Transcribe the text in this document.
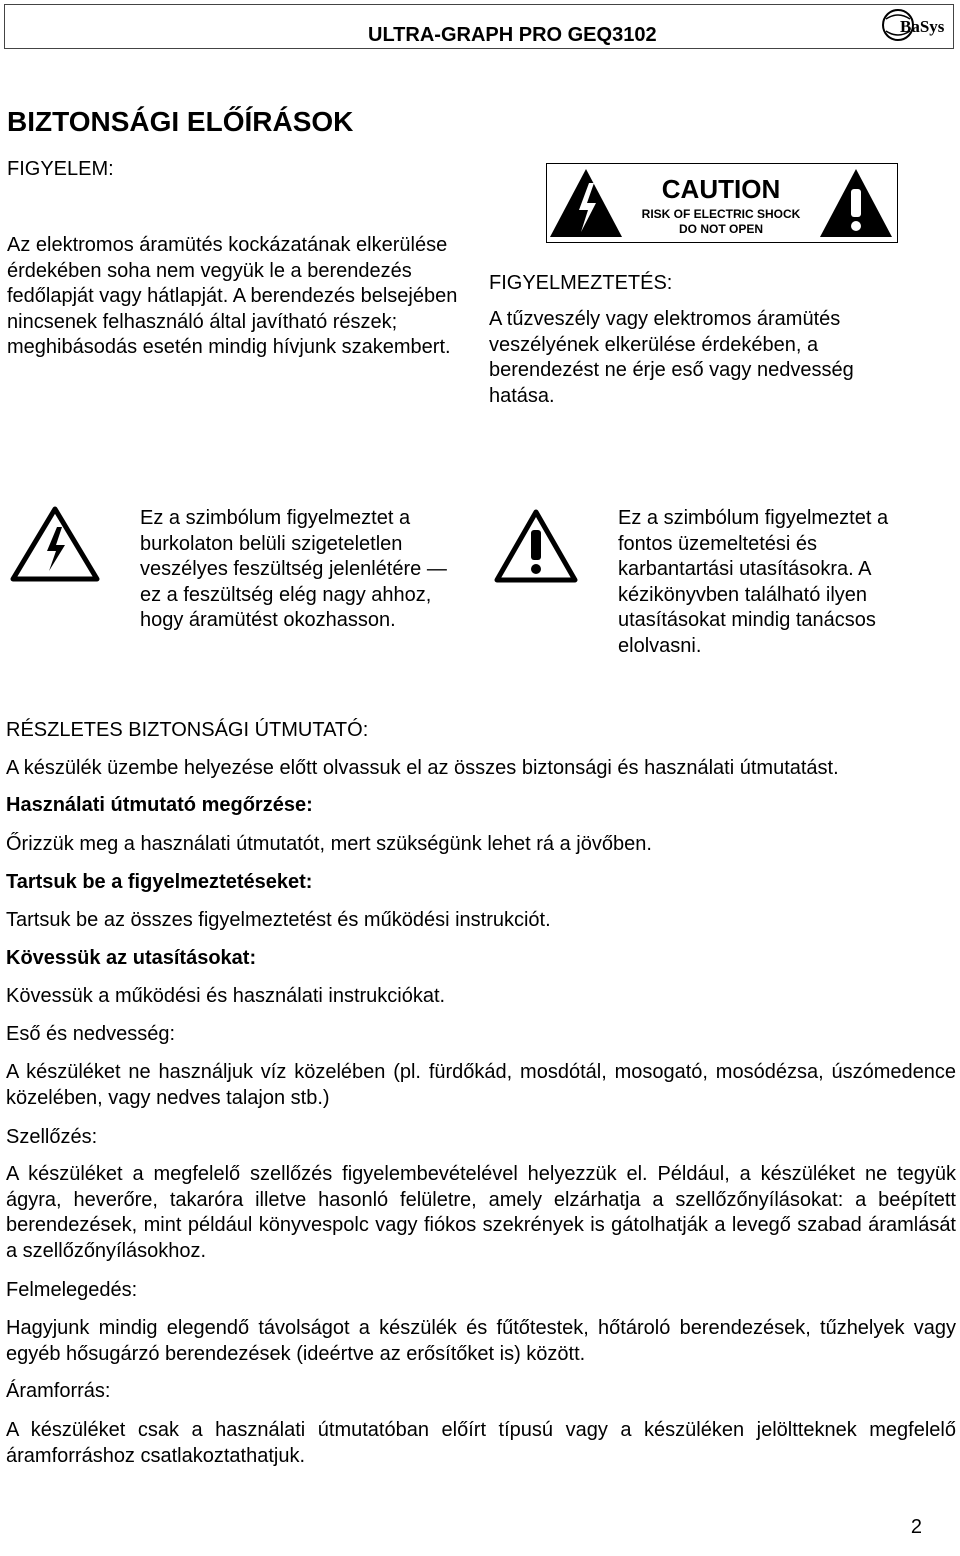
ULTRA-GRAPH PRO GEQ3102	BaSys
BIZTONSÁGI ELŐÍRÁSOK
FIGYELEM:
Az elektromos áramütés kockázatának elkerülése érdekében soha nem vegyük le a berendezés fedőlapját vagy hátlapját. A berendezés belsejében nincsenek felhasználó által javítható részek; meghibásodás esetén mindig hívjunk szakembert.
CAUTION
RISK OF ELECTRIC SHOCK
DO NOT OPEN
FIGYELMEZTETÉS:
A tűzveszély vagy elektromos áramütés veszélyének elkerülése érdekében, a berendezést ne érje eső vagy nedvesség hatása.
Ez a szimbólum figyelmeztet a burkolaton belüli szigeteletlen veszélyes feszültség jelenlétére — ez a feszültség elég nagy ahhoz, hogy áramütést okozhasson.
Ez a szimbólum figyelmeztet a fontos üzemeltetési és karbantartási utasításokra. A kézikönyvben található ilyen utasításokat mindig tanácsos elolvasni.
RÉSZLETES BIZTONSÁGI ÚTMUTATÓ:
A készülék üzembe helyezése előtt olvassuk el az összes biztonsági és használati útmutatást.
Használati útmutató megőrzése:
Őrizzük meg a használati útmutatót, mert szükségünk lehet rá a jövőben.
Tartsuk be a figyelmeztetéseket:
Tartsuk be az összes figyelmeztetést és működési instrukciót.
Kövessük az utasításokat:
Kövessük a működési és használati instrukciókat.
Eső és nedvesség:
A készüléket ne használjuk víz közelében (pl. fürdőkád, mosdótál, mosogató, mosódézsa, úszómedence közelében, vagy nedves talajon stb.)
Szellőzés:
A készüléket a megfelelő szellőzés figyelembevételével helyezzük el. Például, a készüléket ne tegyük ágyra, heverőre, takaróra illetve hasonló felületre, amely elzárhatja a szellőzőnyílásokat: a beépített berendezések, mint például könyvespolc vagy fiókos szekrények is gátolhatják a levegő szabad áramlását a szellőzőnyílásokhoz.
Felmelegedés:
Hagyjunk mindig elegendő távolságot a készülék és fűtőtestek, hőtároló berendezések, tűzhelyek vagy egyéb hősugárzó berendezések (ideértve az erősítőket is) között.
Áramforrás:
A készüléket csak a használati útmutatóban előírt típusú vagy a készüléken jelöltteknek megfelelő áramforráshoz csatlakoztathatjuk.
2
